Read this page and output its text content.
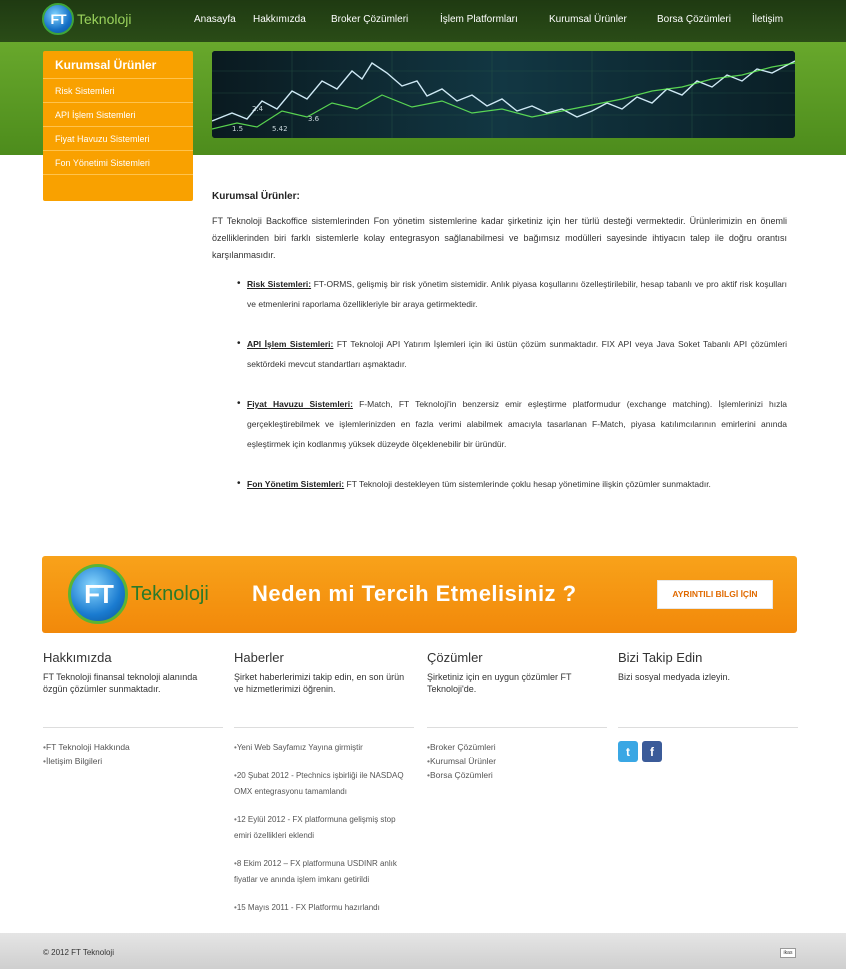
FT Teknoloji	Anasayfa Hakkımızda	Broker Çözümleri	İşlem Platformları	Kurumsal Ürünler	Borsa Çözümleri İletişim
Kurumsal Ürünler
Risk Sistemleri
API İşlem Sistemleri
Fiyat Havuzu Sistemleri
Fon Yönetimi Sistemleri
1.5
2.4
5.42
3.6
Kurumsal Ürünler:

FT Teknoloji Backoffice sistemlerinden Fon yönetim sistemlerine kadar şirketiniz için her türlü desteği vermektedir. Ürünlerimizin en önemli özelliklerinden biri farklı sistemlerle kolay entegrasyon sağlanabilmesi ve bağımsız modülleri sayesinde ihtiyacın talep ile doğru orantısı karşılanmasıdır.

• Risk Sistemleri: FT-ORMS, gelişmiş bir risk yönetim sistemidir. Anlık piyasa koşullarını özelleştirilebilir, hesap tabanlı ve pro aktif risk koşulları ve etmenlerini raporlama özellikleriyle bir araya getirmektedir.
• API İşlem Sistemleri: FT Teknoloji API Yatırım İşlemleri için iki üstün çözüm sunmaktadır. FIX API veya Java Soket Tabanlı API çözümleri sektördeki mevcut standartları aşmaktadır.
• Fiyat Havuzu Sistemleri: F-Match, FT Teknoloji'in benzersiz emir eşleştirme platformudur (exchange matching). İşlemlerinizi hızla gerçekleştirebilmek ve işlemlerinizden en fazla verimi alabilmek amacıyla tasarlanan F-Match, piyasa katılımcılarının emirlerini anında eşleştirmek için kodlanmış yüksek düzeyde ölçeklenebilir bir üründür.
• Fon Yönetim Sistemleri: FT Teknoloji destekleyen tüm sistemlerinde çoklu hesap yönetimine ilişkin çözümler sunmaktadır.
FT Teknoloji Neden mi Tercih Etmelisiniz ?	AYRINTILI BİLGİ İÇİN
Hakkımızda
FT Teknoloji finansal teknoloji alanında özgün çözümler sunmaktadır.
• FT Teknoloji Hakkında
• İletişim Bilgileri
Haberler
Şirket haberlerimizi takip edin, en son ürün ve hizmetlerimizi öğrenin.
• Yeni Web Sayfamız Yayına girmiştir
• 20 Şubat 2012 - Ptechnics işbirliği ile NASDAQ OMX entegrasyonu tamamlandı
• 12 Eylül 2012 - FX platformuna gelişmiş stop emiri özellikleri eklendi
• 8 Ekim 2012 – FX platformuna USDINR anlık fiyatlar ve anında işlem imkanı getirildi
• 15 Mayıs 2011 - FX Platformu hazırlandı
Çözümler
Şirketiniz için en uygun çözümler FT Teknoloji'de.
• Broker Çözümleri
• Kurumsal Ürünler
• Borsa Çözümleri
Bizi Takip Edin
Bizi sosyal medyada izleyin.
t	f
© 2012 FT Teknoloji	ikas
